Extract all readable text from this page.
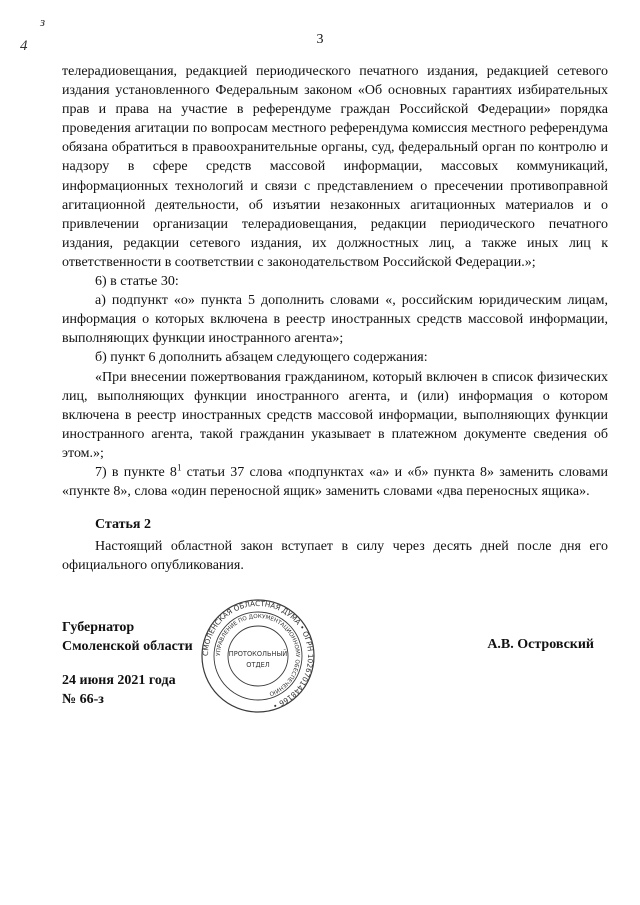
з
4	3

телерадиовещания, редакцией периодического печатного издания, редакцией сетевого издания установленного Федеральным законом «Об основных гарантиях избирательных прав и права на участие в референдуме граждан Российской Федерации» порядка проведения агитации по вопросам местного референдума комиссия местного референдума обязана обратиться в правоохранительные органы, суд, федеральный орган по контролю и надзору в сфере средств массовой информации, массовых коммуникаций, информационных технологий и связи с представлением о пресечении противоправной агитационной деятельности, об изъятии незаконных агитационных материалов и о привлечении организации телерадиовещания, редакции периодического печатного издания, редакции сетевого издания, их должностных лиц, а также иных лиц к ответственности в соответствии с законодательством Российской Федерации.»;

6) в статье 30:

а) подпункт «о» пункта 5 дополнить словами «, российским юридическим лицам, информация о которых включена в реестр иностранных средств массовой информации, выполняющих функции иностранного агента»;

б) пункт 6 дополнить абзацем следующего содержания:

«При внесении пожертвования гражданином, который включен в список физических лиц, выполняющих функции иностранного агента, и (или) информация о котором включена в реестр иностранных средств массовой информации, выполняющих функции иностранного агента, такой гражданин указывает в платежном документе сведения об этом.»;

7) в пункте $8^1$ статьи 37 слова «подпунктах «а» и «б» пункта 8» заменить словами «пункте 8», слова «один переносной ящик» заменить словами «два переносных ящика».

Статья 2
Настоящий областной закон вступает в силу через десять дней после дня его официального опубликования.
Губернатор
Смоленской области	А.В. Островский
24 июня 2021 года
№ 66-з
СМОЛЕНСКАЯ ОБЛАСТНАЯ ДУМА • ОГРН 1026701448166 •
УПРАВЛЕНИЕ ПО ДОКУМЕНТАЦИОННОМУ ОБЕСПЕЧЕНИЮ
ПРОТОКОЛЬНЫЙ
ОТДЕЛ
